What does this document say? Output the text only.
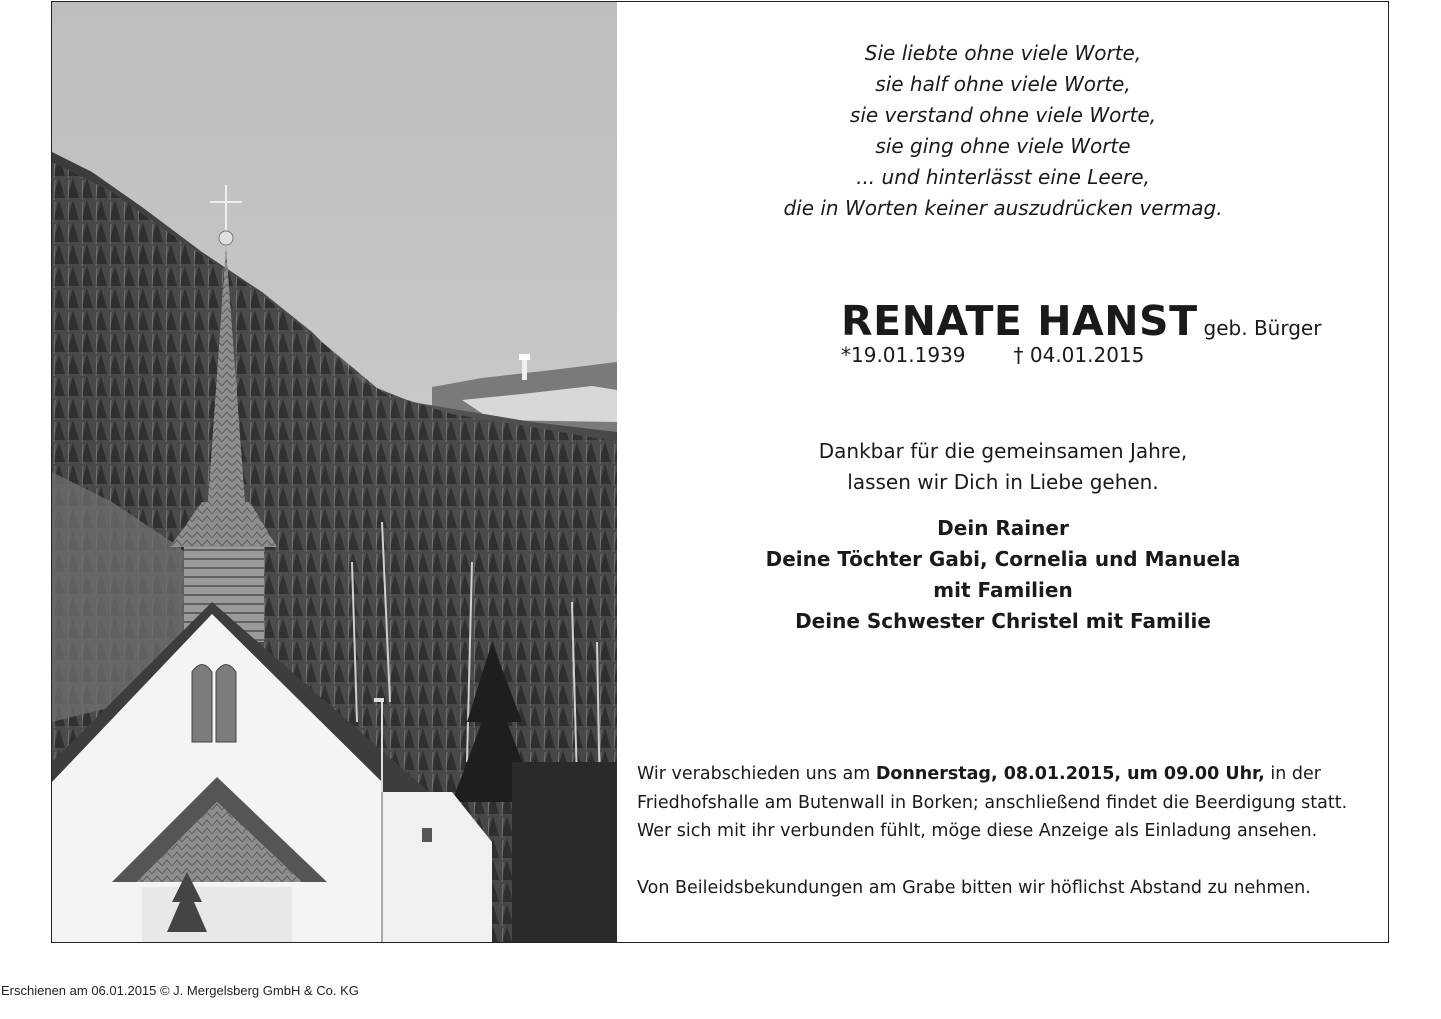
Sie liebte ohne viele Worte,
sie half ohne viele Worte,
sie verstand ohne viele Worte,
sie ging ohne viele Worte
... und hinterlässt eine Leere,
die in Worten keiner auszudrücken vermag.
RENATE HANST geb. Bürger
*19.01.1939 † 04.01.2015
Dankbar für die gemeinsamen Jahre,
lassen wir Dich in Liebe gehen.
Dein Rainer
Deine Töchter Gabi, Cornelia und Manuela
mit Familien
Deine Schwester Christel mit Familie

Wir verabschieden uns am Donnerstag, 08.01.2015, um 09.00 Uhr, in der Friedhofshalle am Butenwall in Borken; anschließend findet die Beerdigung statt. Wer sich mit ihr verbunden fühlt, möge diese Anzeige als Einladung ansehen.

Von Beileidsbekundungen am Grabe bitten wir höflichst Abstand zu nehmen.

Erschienen am 06.01.2015 © J. Mergelsberg GmbH & Co. KG
